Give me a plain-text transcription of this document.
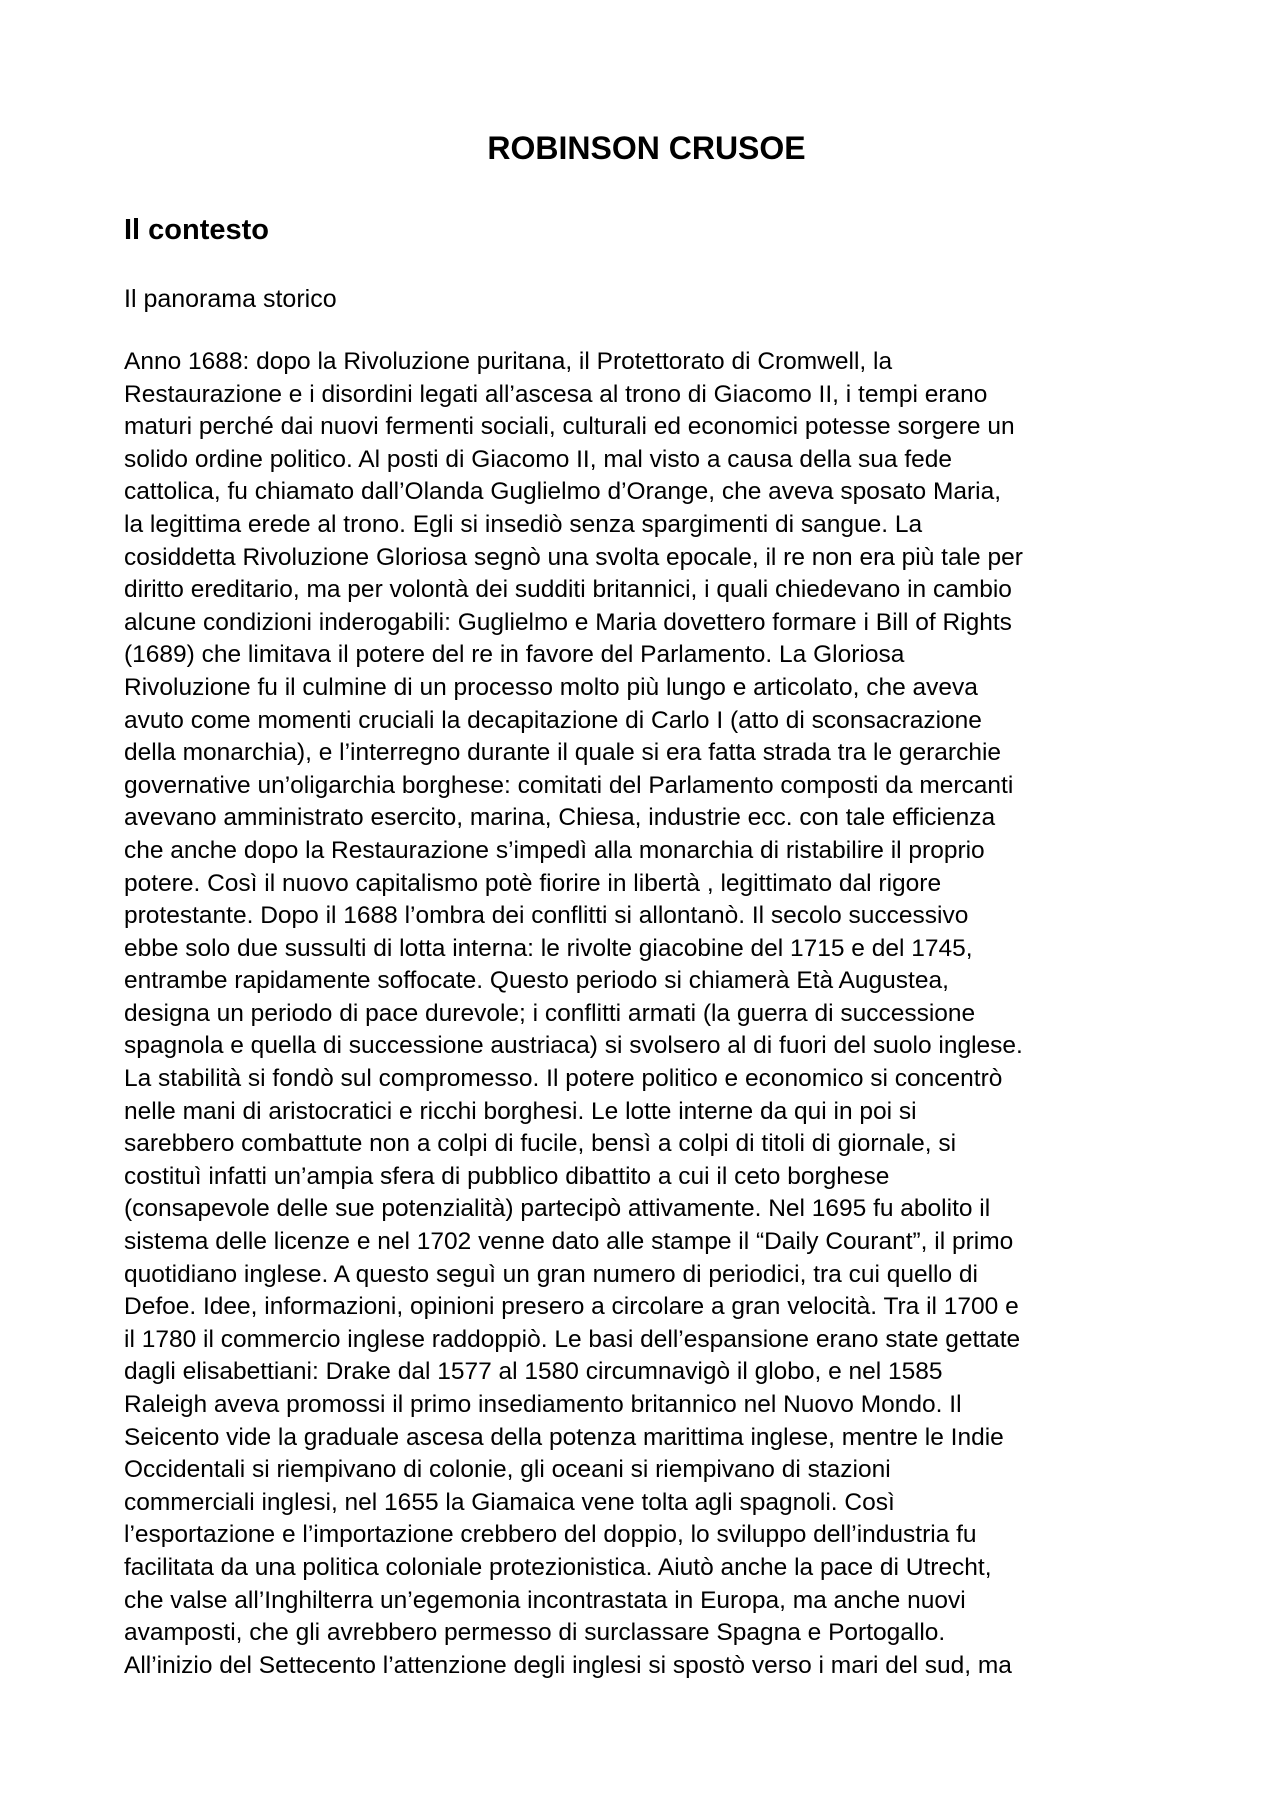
ROBINSON CRUSOE
Il contesto

Il panorama storico

Anno 1688: dopo la Rivoluzione puritana, il Protettorato di Cromwell, la
Restaurazione e i disordini legati all’ascesa al trono di Giacomo II, i tempi erano
maturi perché dai nuovi fermenti sociali, culturali ed economici potesse sorgere un
solido ordine politico. Al posti di Giacomo II, mal visto a causa della sua fede
cattolica, fu chiamato dall’Olanda Guglielmo d’Orange, che aveva sposato Maria,
la legittima erede al trono. Egli si insediò senza spargimenti di sangue. La
cosiddetta Rivoluzione Gloriosa segnò una svolta epocale, il re non era più tale per
diritto ereditario, ma per volontà dei sudditi britannici, i quali chiedevano in cambio
alcune condizioni inderogabili: Guglielmo e Maria dovettero formare i Bill of Rights
(1689) che limitava il potere del re in favore del Parlamento. La Gloriosa
Rivoluzione fu il culmine di un processo molto più lungo e articolato, che aveva
avuto come momenti cruciali la decapitazione di Carlo I (atto di sconsacrazione
della monarchia), e l’interregno durante il quale si era fatta strada tra le gerarchie
governative un’oligarchia borghese: comitati del Parlamento composti da mercanti
avevano amministrato esercito, marina, Chiesa, industrie ecc. con tale efficienza
che anche dopo la Restaurazione s’impedì alla monarchia di ristabilire il proprio
potere. Così il nuovo capitalismo potè fiorire in libertà , legittimato dal rigore
protestante. Dopo il 1688 l’ombra dei conflitti si allontanò. Il secolo successivo
ebbe solo due sussulti di lotta interna: le rivolte giacobine del 1715 e del 1745,
entrambe rapidamente soffocate. Questo periodo si chiamerà Età Augustea,
designa un periodo di pace durevole; i conflitti armati (la guerra di successione
spagnola e quella di successione austriaca) si svolsero al di fuori del suolo inglese.
La stabilità si fondò sul compromesso. Il potere politico e economico si concentrò
nelle mani di aristocratici e ricchi borghesi. Le lotte interne da qui in poi si
sarebbero combattute non a colpi di fucile, bensì a colpi di titoli di giornale, si
costituì infatti un’ampia sfera di pubblico dibattito a cui il ceto borghese
(consapevole delle sue potenzialità) partecipò attivamente. Nel 1695 fu abolito il
sistema delle licenze e nel 1702 venne dato alle stampe il “Daily Courant”, il primo
quotidiano inglese. A questo seguì un gran numero di periodici, tra cui quello di
Defoe. Idee, informazioni, opinioni presero a circolare a gran velocità. Tra il 1700 e
il 1780 il commercio inglese raddoppiò. Le basi dell’espansione erano state gettate
dagli elisabettiani: Drake dal 1577 al 1580 circumnavigò il globo, e nel 1585
Raleigh aveva promossi il primo insediamento britannico nel Nuovo Mondo. Il
Seicento vide la graduale ascesa della potenza marittima inglese, mentre le Indie
Occidentali si riempivano di colonie, gli oceani si riempivano di stazioni
commerciali inglesi, nel 1655 la Giamaica vene tolta agli spagnoli. Così
l’esportazione e l’importazione crebbero del doppio, lo sviluppo dell’industria fu
facilitata da una politica coloniale protezionistica. Aiutò anche la pace di Utrecht,
che valse all’Inghilterra un’egemonia incontrastata in Europa, ma anche nuovi
avamposti, che gli avrebbero permesso di surclassare Spagna e Portogallo.
All’inizio del Settecento l’attenzione degli inglesi si spostò verso i mari del sud, ma
